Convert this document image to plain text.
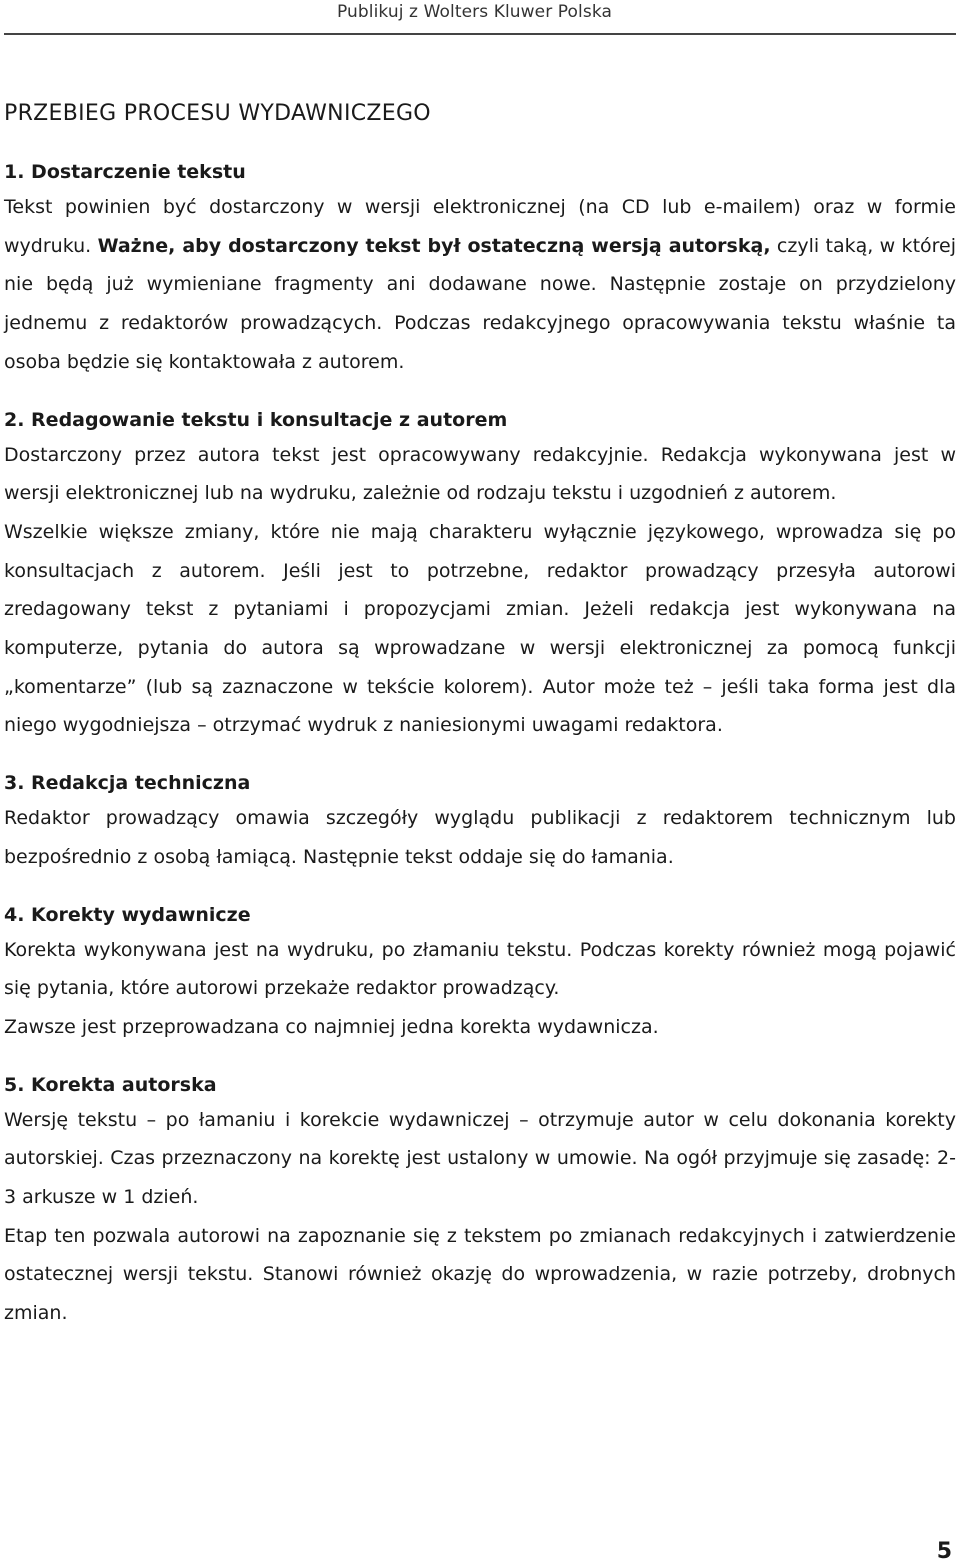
Publikuj z Wolters Kluwer Polska
PRZEBIEG PROCESU WYDAWNICZEGO
1. Dostarczenie tekstu

Tekst powinien być dostarczony w wersji elektronicznej (na CD lub e-mailem) oraz w formie wydruku. Ważne, aby dostarczony tekst był ostateczną wersją autorską, czyli taką, w której nie będą już wymieniane fragmenty ani dodawane nowe. Następnie zostaje on przydzielony jednemu z redaktorów prowadzących. Podczas redakcyjnego opracowywania tekstu właśnie ta osoba będzie się kontaktowała z autorem.

2. Redagowanie tekstu i konsultacje z autorem

Dostarczony przez autora tekst jest opracowywany redakcyjnie. Redakcja wykonywana jest w wersji elektronicznej lub na wydruku, zależnie od rodzaju tekstu i uzgodnień z autorem.

Wszelkie większe zmiany, które nie mają charakteru wyłącznie językowego, wprowadza się po konsultacjach z autorem. Jeśli jest to potrzebne, redaktor prowadzący przesyła autorowi zredagowany tekst z pytaniami i propozycjami zmian. Jeżeli redakcja jest wykonywana na komputerze, pytania do autora są wprowadzane w wersji elektronicznej za pomocą funkcji „komentarze” (lub są zaznaczone w tekście kolorem). Autor może też – jeśli taka forma jest dla niego wygodniejsza – otrzymać wydruk z naniesionymi uwagami redaktora.

3. Redakcja techniczna

Redaktor prowadzący omawia szczegóły wyglądu publikacji z redaktorem technicznym lub bezpośrednio z osobą łamiącą. Następnie tekst oddaje się do łamania.

4. Korekty wydawnicze

Korekta wykonywana jest na wydruku, po złamaniu tekstu. Podczas korekty również mogą pojawić się pytania, które autorowi przekaże redaktor prowadzący.

Zawsze jest przeprowadzana co najmniej jedna korekta wydawnicza.

5. Korekta autorska

Wersję tekstu – po łamaniu i korekcie wydawniczej – otrzymuje autor w celu dokonania korekty autorskiej. Czas przeznaczony na korektę jest ustalony w umowie. Na ogół przyjmuje się zasadę: 2-3 arkusze w 1 dzień.

Etap ten pozwala autorowi na zapoznanie się z tekstem po zmianach redakcyjnych i zatwierdzenie ostatecznej wersji tekstu. Stanowi również okazję do wprowadzenia, w razie potrzeby, drobnych zmian.

5
